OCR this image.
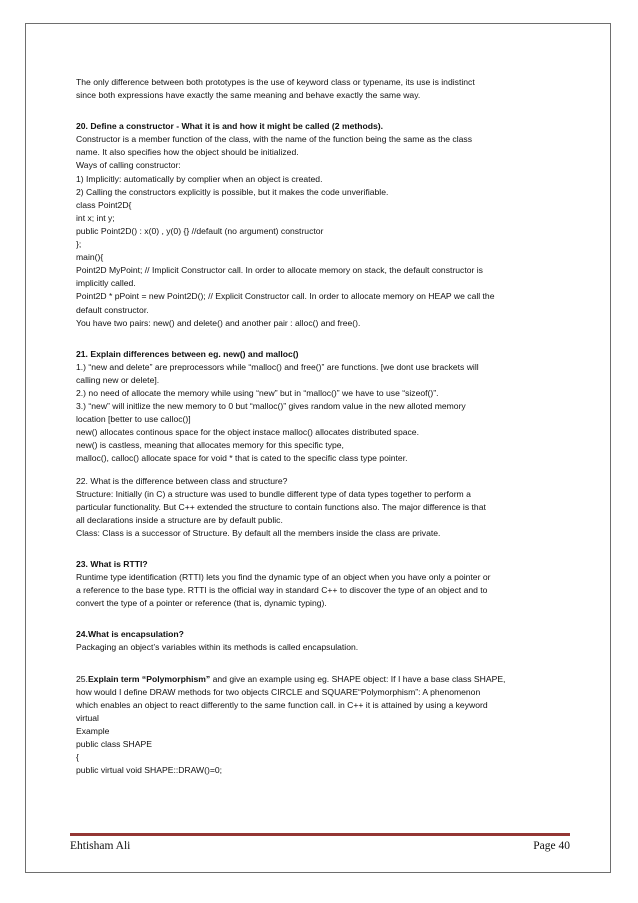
The only difference between both prototypes is the use of keyword class or typename, its use is indistinct

since both expressions have exactly the same meaning and behave exactly the same way.

20. Define a constructor - What it is and how it might be called (2 methods).

Constructor is a member function of the class, with the name of the function being the same as the class

name. It also specifies how the object should be initialized.

Ways of calling constructor:

1) Implicitly: automatically by complier when an object is created.

2) Calling the constructors explicitly is possible, but it makes the code unverifiable.

class Point2D{

int x; int y;

public Point2D() : x(0) , y(0) {} //default (no argument) constructor

};

main(){

Point2D MyPoint; // Implicit Constructor call. In order to allocate memory on stack, the default constructor is

implicitly called.

Point2D * pPoint = new Point2D(); // Explicit Constructor call. In order to allocate memory on HEAP we call the

default constructor.

You have two pairs: new() and delete() and another pair : alloc() and free().

21. Explain differences between eg. new() and malloc()

1.) “new and delete” are preprocessors while “malloc() and free()” are functions. [we dont use brackets will

calling new or delete].

2.) no need of allocate the memory while using “new” but in “malloc()” we have to use “sizeof()”.

3.) “new” will initlize the new memory to 0 but “malloc()” gives random value in the new alloted memory

location [better to use calloc()]

new() allocates continous space for the object instace malloc() allocates distributed space.

new() is castless, meaning that allocates memory for this specific type,

malloc(), calloc() allocate space for void * that is cated to the specific class type pointer.

22. What is the difference between class and structure?

Structure: Initially (in C) a structure was used to bundle different type of data types together to perform a

particular functionality. But C++ extended the structure to contain functions also. The major difference is that

all declarations inside a structure are by default public.

Class: Class is a successor of Structure. By default all the members inside the class are private.

23. What is RTTI?

Runtime type identification (RTTI) lets you find the dynamic type of an object when you have only a pointer or

a reference to the base type. RTTI is the official way in standard C++ to discover the type of an object and to

convert the type of a pointer or reference (that is, dynamic typing).

24.What is encapsulation?

Packaging an object’s variables within its methods is called encapsulation.

25.Explain term “Polymorphism” and give an example using eg. SHAPE object: If I have a base class SHAPE,

how would I define DRAW methods for two objects CIRCLE and SQUARE“Polymorphism”: A phenomenon

which enables an object to react differently to the same function call. in C++ it is attained by using a keyword

virtual

Example

public class SHAPE

{

public virtual void SHAPE::DRAW()=0;

Ehtisham Ali	Page 40
